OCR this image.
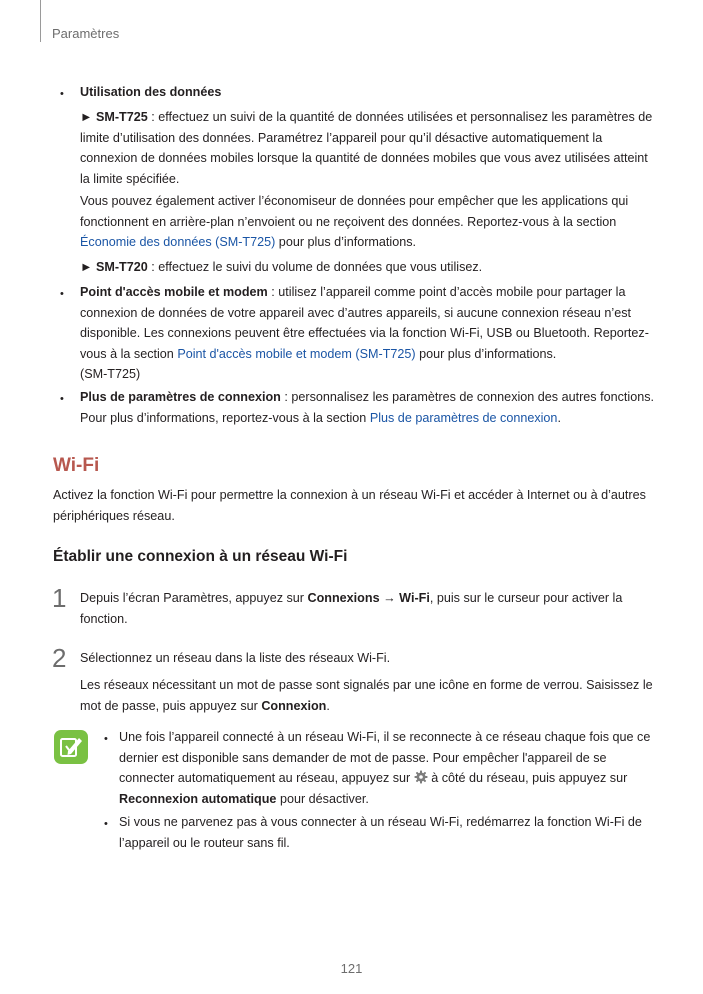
Paramètres
•	Utilisation des données
► SM-T725 : effectuez un suivi de la quantité de données utilisées et personnalisez les paramètres de limite d’utilisation des données. Paramétrez l’appareil pour qu’il désactive automatiquement la connexion de données mobiles lorsque la quantité de données mobiles que vous avez utilisées atteint la limite spécifiée.
Vous pouvez également activer l’économiseur de données pour empêcher que les applications qui fonctionnent en arrière-plan n’envoient ou ne reçoivent des données. Reportez-vous à la section Économie des données (SM-T725) pour plus d’informations.
► SM-T720 : effectuez le suivi du volume de données que vous utilisez.
•	Point d'accès mobile et modem : utilisez l’appareil comme point d’accès mobile pour partager la connexion de données de votre appareil avec d’autres appareils, si aucune connexion réseau n’est disponible. Les connexions peuvent être effectuées via la fonction Wi-Fi, USB ou Bluetooth. Reportez-vous à la section Point d'accès mobile et modem (SM-T725) pour plus d’informations.
(SM-T725)
•	Plus de paramètres de connexion : personnalisez les paramètres de connexion des autres fonctions. Pour plus d’informations, reportez-vous à la section Plus de paramètres de connexion.
Wi-Fi
Activez la fonction Wi-Fi pour permettre la connexion à un réseau Wi-Fi et accéder à Internet ou à d’autres périphériques réseau.
Établir une connexion à un réseau Wi-Fi
1 Depuis l’écran Paramètres, appuyez sur Connexions → Wi-Fi, puis sur le curseur pour activer la fonction.
2 Sélectionnez un réseau dans la liste des réseaux Wi-Fi.
Les réseaux nécessitant un mot de passe sont signalés par une icône en forme de verrou. Saisissez le mot de passe, puis appuyez sur Connexion.
• Une fois l’appareil connecté à un réseau Wi-Fi, il se reconnecte à ce réseau chaque fois que ce dernier est disponible sans demander de mot de passe. Pour empêcher l'appareil de se connecter automatiquement au réseau, appuyez sur  à côté du réseau, puis appuyez sur Reconnexion automatique pour désactiver.
• Si vous ne parvenez pas à vous connecter à un réseau Wi-Fi, redémarrez la fonction Wi-Fi de l’appareil ou le routeur sans fil.
121
